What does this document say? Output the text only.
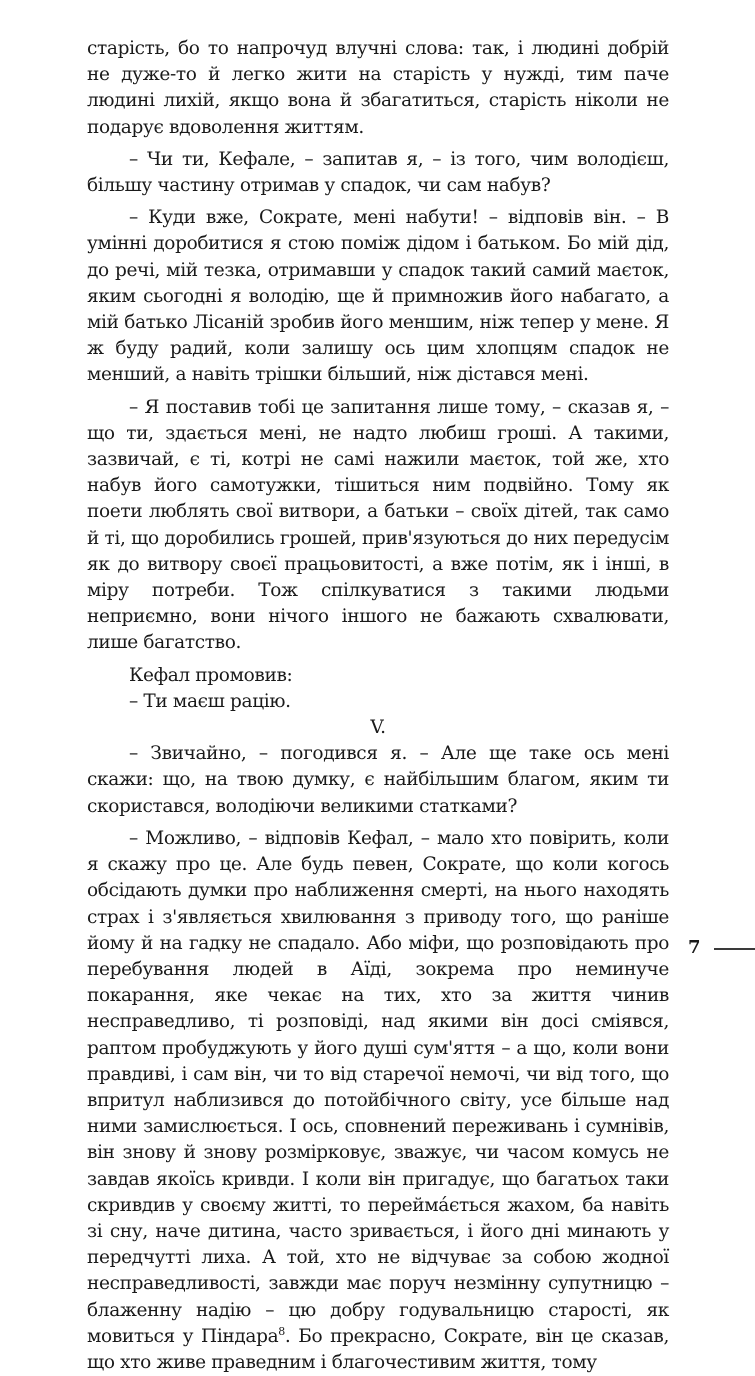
старість, бо то напрочуд влучні слова: так, і людині добрій не дуже-то й легко жити на старість у нужді, тим паче людині лихій, якщо вона й збагатиться, старість ніколи не подарує вдоволення життям.

– Чи ти, Кефале, – запитав я, – із того, чим володієш, більшу частину отримав у спадок, чи сам набув?

– Куди вже, Сократе, мені набути! – відповів він. – В умінні доробитися я стою поміж дідом і батьком. Бо мій дід, до речі, мій тезка, отримавши у спадок такий самий маєток, яким сьогодні я володію, ще й примножив його набагато, а мій батько Лісаній зробив його меншим, ніж тепер у мене. Я ж буду радий, коли залишу ось цим хлопцям спадок не менший, а навіть трішки більший, ніж дістався мені.

– Я поставив тобі це запитання лише тому, – сказав я, – що ти, здається мені, не надто любиш гроші. А такими, зазвичай, є ті, котрі не самі нажили маєток, той же, хто набув його самотужки, тішиться ним подвійно. Тому як поети люблять свої витвори, а батьки – своїх дітей, так само й ті, що доробились грошей, прив'язуються до них передусім як до витвору своєї працьовитості, а вже потім, як і інші, в міру потреби. Тож спілкуватися з такими людьми неприємно, вони нічого іншого не бажають схвалювати, лише багатство.

Кефал промовив:

– Ти маєш рацію.

V.

– Звичайно, – погодився я. – Але ще таке ось мені скажи: що, на твою думку, є найбільшим благом, яким ти скористався, володіючи великими статками?

– Можливо, – відповів Кефал, – мало хто повірить, коли я скажу про це. Але будь певен, Сократе, що коли когось обсідають думки про наближення смерті, на нього находять страх і з'являється хвилювання з приводу того, що раніше йому й на гадку не спадало. Або міфи, що розповідають про перебування людей в Аїді, зокрема про неминуче покарання, яке чекає на тих, хто за життя чинив несправедливо, ті розповіді, над якими він досі сміявся, раптом пробуджують у його душі сум'яття – а що, коли вони правдиві, і сам він, чи то від старечої немочі, чи від того, що впритул наблизився до потойбічного світу, усе більше над ними замислюється. І ось, сповнений переживань і сумнівів, він знову й знову розмірковує, зважує, чи часом комусь не завдав якоїсь кривди. І коли він пригадує, що багатьох таки скривдив у своєму житті, то перейма́ється жахом, ба навіть зі сну, наче дитина, часто зривається, і його дні минають у передчутті лиха. А той, хто не відчуває за собою жодної несправедливості, завжди має поруч незмінну супутницю – блаженну надію – цю добру годувальницю старості, як мовиться у Піндара$^8$. Бо прекрасно, Сократе, він це сказав, що хто живе праведним і благочестивим життя, тому

7
